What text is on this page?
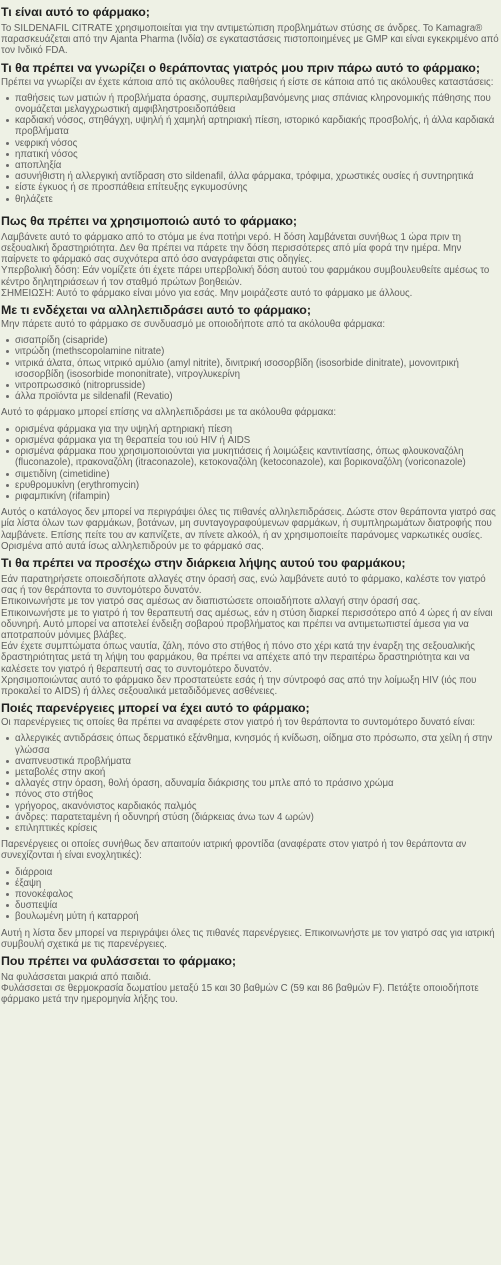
Τι είναι αυτό το φάρμακο;

Το SILDENAFIL CITRATE χρησιμοποιείται για την αντιμετώπιση προβλημάτων στύσης σε άνδρες. Το Kamagra® παρασκευάζεται από την Ajanta Pharma (Ινδία) σε εγκαταστάσεις πιστοποιημένες με GMP και είναι εγκεκριμένο από τον Ινδικό FDA.

Τι θα πρέπει να γνωρίζει ο θεράποντας γιατρός μου πριν πάρω αυτό το φάρμακο;

Πρέπει να γνωρίζει αν έχετε κάποια από τις ακόλουθες παθήσεις ή είστε σε κάποια από τις ακόλουθες καταστάσεις:

παθήσεις των ματιών ή προβλήματα όρασης, συμπεριλαμβανόμενης μιας σπάνιας κληρονομικής πάθησης που ονομάζεται μελαγχρωστική αμφιβληστροειδοπάθεια
καρδιακή νόσος, στηθάγχη, υψηλή ή χαμηλή αρτηριακή πίεση, ιστορικό καρδιακής προσβολής, ή άλλα καρδιακά προβλήματα
νεφρική νόσος
ηπατική νόσος
αποπληξία
ασυνήθιστη ή αλλεργική αντίδραση στο sildenafil, άλλα φάρμακα, τρόφιμα, χρωστικές ουσίες ή συντηρητικά
είστε έγκυος ή σε προσπάθεια επίτευξης εγκυμοσύνης
θηλάζετε
Πως θα πρέπει να χρησιμοποιώ αυτό το φάρμακο;

Λαμβάνετε αυτό το φάρμακο από το στόμα με ένα ποτήρι νερό. Η δόση λαμβάνεται συνήθως 1 ώρα πριν τη σεξουαλική δραστηριότητα. Δεν θα πρέπει να πάρετε την δόση περισσότερες από μία φορά την ημέρα. Μην παίρνετε το φάρμακό σας συχνότερα από όσο αναγράφεται στις οδηγίες.

Υπερβολική δόση: Εάν νομίζετε ότι έχετε πάρει υπερβολική δόση αυτού του φαρμάκου συμβουλευθείτε αμέσως το κέντρο δηλητηριάσεων ή τον σταθμό πρώτων βοηθειών.

ΣΗΜΕΙΩΣΗ: Αυτό το φάρμακο είναι μόνο για εσάς. Μην μοιράζεστε αυτό το φάρμακο με άλλους.

Με τι ενδέχεται να αλληλεπιδράσει αυτό το φάρμακο;

Μην πάρετε αυτό το φάρμακο σε συνδυασμό με οποιοδήποτε από τα ακόλουθα φάρμακα:

σισαπρίδη (cisapride)
νιτρώδη (methscopolamine nitrate)
νιτρικά άλατα, όπως νιτρικό αμύλιο (amyl nitrite), δινιτρική ισοσορβίδη (isosorbide dinitrate), μονονιτρική ισοσορβίδη (isosorbide mononitrate), νιτρογλυκερίνη
νιτροπρωσσικό (nitroprusside)
άλλα προϊόντα με sildenafil (Revatio)

Αυτό το φάρμακο μπορεί επίσης να αλληλεπιδράσει με τα ακόλουθα φάρμακα:

ορισμένα φάρμακα για την υψηλή αρτηριακή πίεση
ορισμένα φάρμακα για τη θεραπεία του ιού HIV ή AIDS
ορισμένα φάρμακα που χρησιμοποιούνται για μυκητιάσεις ή λοιμώξεις καντιντίασης, όπως φλουκοναζόλη (fluconazole), ιτρακοναζόλη (itraconazole), κετοκοναζόλη (ketoconazole), και βορικοναζόλη (voriconazole)
σιμετιδίνη (cimetidine)
ερυθρομυκίνη (erythromycin)
ριφαμπικίνη (rifampin)

Αυτός ο κατάλογος δεν μπορεί να περιγράψει όλες τις πιθανές αλληλεπιδράσεις. Δώστε στον θεράποντα γιατρό σας μία λίστα όλων των φαρμάκων, βοτάνων, μη συνταγογραφούμενων φαρμάκων, ή συμπληρωμάτων διατροφής που λαμβάνετε. Επίσης πείτε του αν καπνίζετε, αν πίνετε αλκοόλ, ή αν χρησιμοποιείτε παράνομες ναρκωτικές ουσίες. Ορισμένα από αυτά ίσως αλληλεπιδρούν με το φάρμακό σας.

Τι θα πρέπει να προσέχω στην διάρκεια λήψης αυτού του φαρμάκου;

Εάν παρατηρήσετε οποιεσδήποτε αλλαγές στην όρασή σας, ενώ λαμβάνετε αυτό το φάρμακο, καλέστε τον γιατρό σας ή τον θεράποντα το συντομότερο δυνατόν.

Επικοινωνήστε με τον γιατρό σας αμέσως αν διαπιστώσετε οποιαδήποτε αλλαγή στην όρασή σας.

Επικοινωνήστε με το γιατρό ή τον θεραπευτή σας αμέσως, εάν η στύση διαρκεί περισσότερο από 4 ώρες ή αν είναι οδυνηρή. Αυτό μπορεί να αποτελεί ένδειξη σοβαρού προβλήματος και πρέπει να αντιμετωπιστεί άμεσα για να αποτραπούν μόνιμες βλάβες.

Εάν έχετε συμπτώματα όπως ναυτία, ζάλη, πόνο στο στήθος ή πόνο στο χέρι κατά την έναρξη της σεξουαλικής δραστηριότητας μετά τη λήψη του φαρμάκου, θα πρέπει να απέχετε από την περαιτέρω δραστηριότητα και να καλέσετε τον γιατρό ή θεραπευτή σας το συντομότερο δυνατόν.

Χρησιμοποιώντας αυτό το φάρμακο δεν προστατεύετε εσάς ή την σύντροφό σας από την λοίμωξη HIV (ιός που προκαλεί το AIDS) ή άλλες σεξουαλικά μεταδιδόμενες ασθένειες.

Ποιές παρενέργειες μπορεί να έχει αυτό το φάρμακο;

Οι παρενέργειες τις οποίες θα πρέπει να αναφέρετε στον γιατρό ή τον θεράποντα το συντομότερο δυνατό είναι:

αλλεργικές αντιδράσεις όπως δερματικό εξάνθημα, κνησμός ή κνίδωση, οίδημα στο πρόσωπο, στα χείλη ή στην γλώσσα
αναπνευστικά προβλήματα
μεταβολές στην ακοή
αλλαγές στην όραση, θολή όραση, αδυναμία διάκρισης του μπλε από το πράσινο χρώμα
πόνος στο στήθος
γρήγορος, ακανόνιστος καρδιακός παλμός
άνδρες: παρατεταμένη ή οδυνηρή στύση (διάρκειας άνω των 4 ωρών)
επιληπτικές κρίσεις

Παρενέργειες οι οποίες συνήθως δεν απαιτούν ιατρική φροντίδα (αναφέρατε στον γιατρό ή τον θεράποντα αν συνεχίζονται ή είναι ενοχλητικές):

διάρροια
έξαψη
πονοκέφαλος
δυσπεψία
βουλωμένη μύτη ή καταρροή

Αυτή η λίστα δεν μπορεί να περιγράψει όλες τις πιθανές παρενέργειες. Επικοινωνήστε με τον γιατρό σας για ιατρική συμβουλή σχετικά με τις παρενέργειες.

Που πρέπει να φυλάσσεται το φάρμακο;

Να φυλάσσεται μακριά από παιδιά.

Φυλάσσεται σε θερμοκρασία δωματίου μεταξύ 15 και 30 βαθμών C (59 και 86 βαθμών F). Πετάξτε οποιοδήποτε φάρμακο μετά την ημερομηνία λήξης του.
